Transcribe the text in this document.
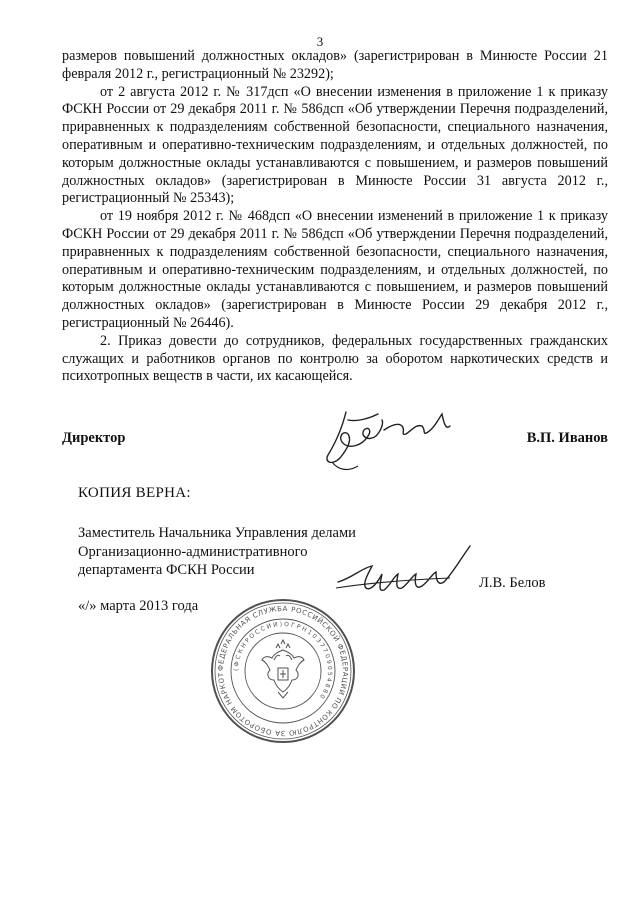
3

размеров повышений должностных окладов» (зарегистрирован в Минюсте России 21 февраля 2012 г., регистрационный № 23292);

от 2 августа 2012 г. № 317дсп «О внесении изменения в приложение 1 к приказу ФСКН России от 29 декабря 2011 г. № 586дсп «Об утверждении Перечня подразделений, приравненных к подразделениям собственной безопасности, специального назначения, оперативным и оперативно-техническим подразделениям, и отдельных должностей, по которым должностные оклады устанавливаются с повышением, и размеров повышений должностных окладов» (зарегистрирован в Минюсте России 31 августа 2012 г., регистрационный № 25343);

от 19 ноября 2012 г. № 468дсп «О внесении изменений в приложение 1 к приказу ФСКН России от 29 декабря 2011 г. № 586дсп «Об утверждении Перечня подразделений, приравненных к подразделениям собственной безопасности, специального назначения, оперативным и оперативно-техническим подразделениям, и отдельных должностей, по которым должностные оклады устанавливаются с повышением, и размеров повышений должностных окладов» (зарегистрирован в Минюсте России 29 декабря 2012 г., регистрационный № 26446).

2. Приказ довести до сотрудников, федеральных государственных гражданских служащих и работников органов по контролю за оборотом наркотических средств и психотропных веществ в части, их касающейся.

Директор	В.П. Иванов
КОПИЯ ВЕРНА:
Заместитель Начальника Управления делами
Организационно-административного
департамента ФСКН России
Л.В. Белов
«/» марта 2013 года
ФЕДЕРАЛЬНАЯ СЛУЖБА РОССИЙСКОЙ ФЕДЕРАЦИИ ПО КОНТРОЛЮ ЗА ОБОРОТОМ НАРКОТИКОВ
( Ф С К Н Р О С С И И ) О Г Р Н 1 0 3 7 7 0 9 0 5 4 8 8 0
